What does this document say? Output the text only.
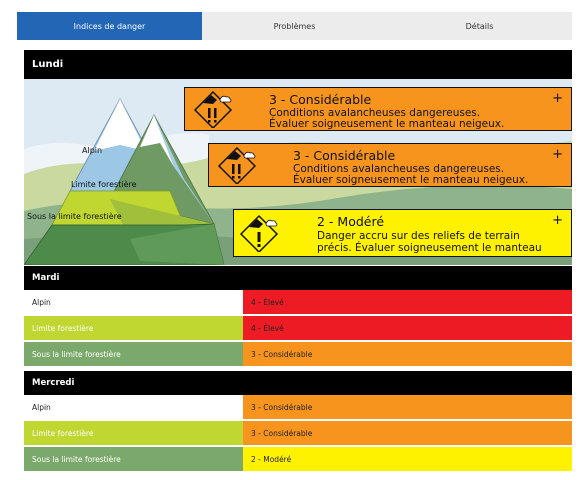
Indices de danger	Problèmes	Détails
Lundi
Alpin
Limite forestière
Sous la limite forestière
3 - Considérable
Conditions avalancheuses dangereuses.
Évaluer soigneusement le manteau neigeux.
+
3 - Considérable
Conditions avalancheuses dangereuses.
Évaluer soigneusement le manteau neigeux.
+
2 - Modéré
Danger accru sur des reliefs de terrain
précis. Évaluer soigneusement le manteau
+
Mardi
Alpin	4 - Élevé
Limite forestière	4 - Élevé
Sous la limite forestière	3 - Considérable
Mercredi
Alpin	3 - Considérable
Limite forestière	3 - Considérable
Sous la limite forestière	2 - Modéré
